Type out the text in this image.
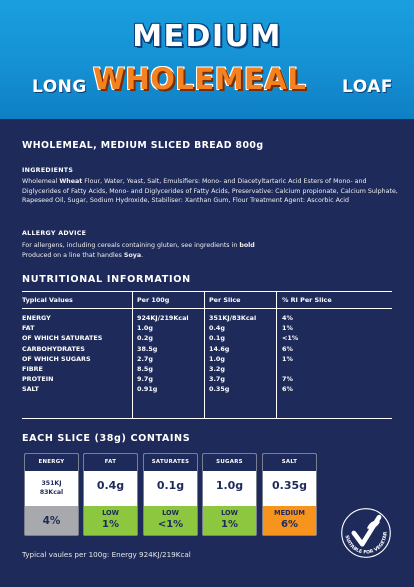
MEDIUM
LONG WHOLEMEAL LOAF
WHOLEMEAL, MEDIUM SLICED BREAD 800g
INGREDIENTS
Wholemeal Wheat Flour, Water, Yeast, Salt, Emulsifiers: Mono- and Diacetyltartaric Acid Esters of Mono- and Diglycerides of Fatty Acids, Mono- and Diglycerides of Fatty Acids, Preservative: Calcium propionate, Calcium Sulphate, Rapeseed Oil, Sugar, Sodium Hydroxide, Stabiliser: Xanthan Gum, Flour Treatment Agent: Ascorbic Acid
ALLERGY ADVICE
For allergens, including cereals containing gluten, see ingredients in bold
Produced on a line that handles Soya.
NUTRITIONAL INFORMATION
Typical Values	Per 100g	Per Slice	% RI Per Slice
ENERGY	924KJ/219Kcal	351KJ/83Kcal	4%
FAT	1.0g	0.4g	1%
OF WHICH SATURATES	0.2g	0.1g	<1%
CARBOHYDRATES	38.5g	14.6g	6%
OF WHICH SUGARS	2.7g	1.0g	1%
FIBRE	8.5g	3.2g
PROTEIN	9.7g	3.7g	7%
SALT	0.91g	0.35g	6%
EACH SLICE (38g) CONTAINS
ENERGY
351KJ
83Kcal
4%
FAT
0.4g
LOW
1%
SATURATES
0.1g
LOW
<1%
SUGARS
1.0g
LOW
1%
SALT
0.35g
MEDIUM
6%
Typical vaules per 100g: Energy 924KJ/219Kcal
SUITABLE FOR VEGETAR
